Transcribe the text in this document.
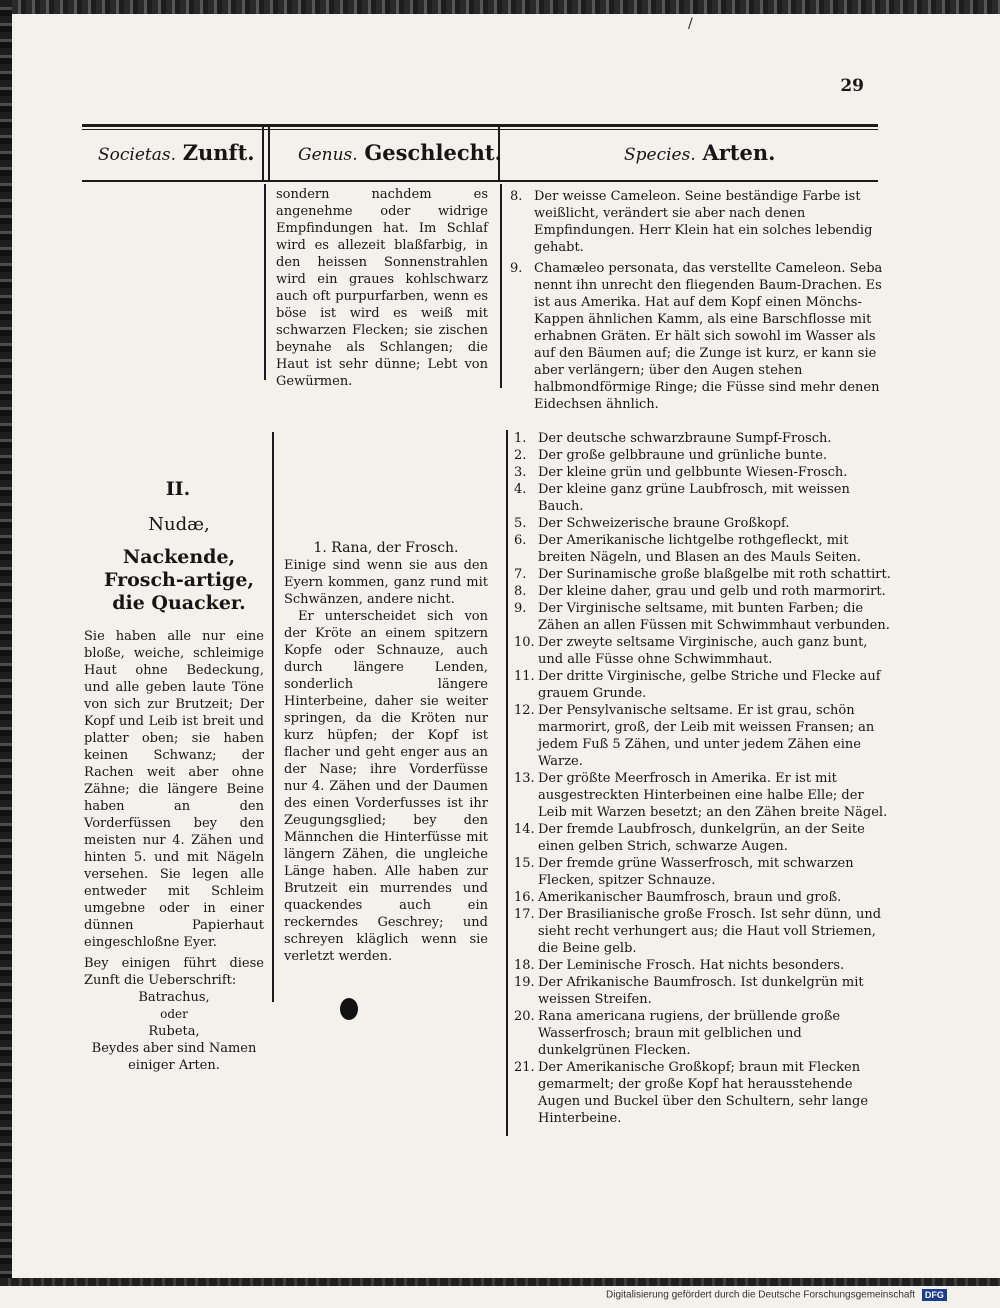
29
Societas. Zunft.	Genus. Geschlecht.	Species. Arten.
sondern nachdem es angenehme oder widrige Empfindungen hat. Im Schlaf wird es allezeit blaßfarbig, in den heissen Sonnenstrahlen wird ein graues kohlschwarz auch oft purpurfarben, wenn es böse ist wird es weiß mit schwarzen Flecken; sie zischen beynahe als Schlangen; die Haut ist sehr dünne; Lebt von Gewürmen.
8. Der weisse Cameleon. Seine beständige Farbe ist weißlicht, verändert sie aber nach denen Empfindungen. Herr Klein hat ein solches lebendig gehabt.
9. Chamæleo personata, das verstellte Cameleon. Seba nennt ihn unrecht den fliegenden Baum-Drachen. Es ist aus Amerika. Hat auf dem Kopf einen Mönchs-Kappen ähnlichen Kamm, als eine Barschflosse mit erhabnen Gräten. Er hält sich sowohl im Wasser als auf den Bäumen auf; die Zunge ist kurz, er kann sie aber verlängern; über den Augen stehen halbmondförmige Ringe; die Füsse sind mehr denen Eidechsen ähnlich.
II.
Nudæ,
Nackende,
Frosch-artige,
die Quacker.

Sie haben alle nur eine bloße, weiche, schleimige Haut ohne Bedeckung, und alle geben laute Töne von sich zur Brutzeit; Der Kopf und Leib ist breit und platter oben; sie haben keinen Schwanz; der Rachen weit aber ohne Zähne; die längere Beine haben an den Vorderfüssen bey den meisten nur 4. Zähen und hinten 5. und mit Nägeln versehen. Sie legen alle entweder mit Schleim umgebne oder in einer dünnen Papierhaut eingeschloßne Eyer.

Bey einigen führt diese Zunft die Ueberschrift:

Batrachus,
oder
Rubeta,
Beydes aber sind Namen einiger Arten.
1. Rana, der Frosch.

Einige sind wenn sie aus den Eyern kommen, ganz rund mit Schwänzen, andere nicht.

Er unterscheidet sich von der Kröte an einem spitzern Kopfe oder Schnauze, auch durch längere Lenden, sonderlich längere Hinterbeine, daher sie weiter springen, da die Kröten nur kurz hüpfen; der Kopf ist flacher und geht enger aus an der Nase; ihre Vorderfüsse nur 4. Zähen und der Daumen des einen Vorderfusses ist ihr Zeugungsglied; bey den Männchen die Hinterfüsse mit längern Zähen, die ungleiche Länge haben. Alle haben zur Brutzeit ein murrendes und quackendes auch ein reckerndes Geschrey; und schreyen kläglich wenn sie verletzt werden.

1. Der deutsche schwarzbraune Sumpf-Frosch.
2. Der große gelbbraune und grünliche bunte.
3. Der kleine grün und gelbbunte Wiesen-Frosch.
4. Der kleine ganz grüne Laubfrosch, mit weissen Bauch.
5. Der Schweizerische braune Großkopf.
6. Der Amerikanische lichtgelbe rothgefleckt, mit breiten Nägeln, und Blasen an des Mauls Seiten.
7. Der Surinamische große blaßgelbe mit roth schattirt.
8. Der kleine daher, grau und gelb und roth marmorirt.
9. Der Virginische seltsame, mit bunten Farben; die Zähen an allen Füssen mit Schwimmhaut verbunden.
10. Der zweyte seltsame Virginische, auch ganz bunt, und alle Füsse ohne Schwimmhaut.
11. Der dritte Virginische, gelbe Striche und Flecke auf grauem Grunde.
12. Der Pensylvanische seltsame. Er ist grau, schön marmorirt, groß, der Leib mit weissen Fransen; an jedem Fuß 5 Zähen, und unter jedem Zähen eine Warze.
13. Der größte Meerfrosch in Amerika. Er ist mit ausgestreckten Hinterbeinen eine halbe Elle; der Leib mit Warzen besetzt; an den Zähen breite Nägel.
14. Der fremde Laubfrosch, dunkelgrün, an der Seite einen gelben Strich, schwarze Augen.
15. Der fremde grüne Wasserfrosch, mit schwarzen Flecken, spitzer Schnauze.
16. Amerikanischer Baumfrosch, braun und groß.
17. Der Brasilianische große Frosch. Ist sehr dünn, und sieht recht verhungert aus; die Haut voll Striemen, die Beine gelb.
18. Der Leminische Frosch. Hat nichts besonders.
19. Der Afrikanische Baumfrosch. Ist dunkelgrün mit weissen Streifen.
20. Rana americana rugiens, der brüllende große Wasserfrosch; braun mit gelblichen und dunkelgrünen Flecken.
21. Der Amerikanische Großkopf; braun mit Flecken gemarmelt; der große Kopf hat herausstehende Augen und Buckel über den Schultern, sehr lange Hinterbeine.
/
Digitalisierung gefördert durch die Deutsche Forschungsgemeinschaft DFG
